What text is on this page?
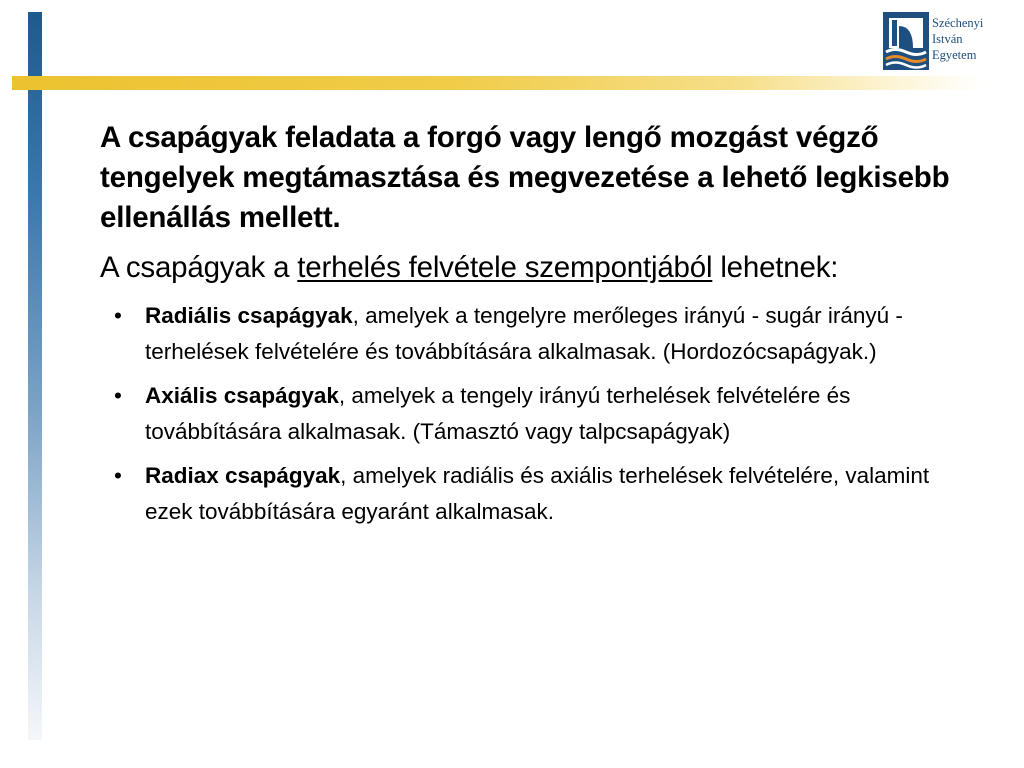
Széchenyi
István
Egyetem

A csapágyak feladata a forgó vagy lengő mozgást végző tengelyek megtámasztása és megvezetése a lehető legkisebb ellenállás mellett.

A csapágyak a terhelés felvétele szempontjából lehetnek:

• Radiális csapágyak, amelyek a tengelyre merőleges irányú - sugár irányú - terhelések felvételére és továbbítására alkalmasak. (Hordozócsapágyak.)
• Axiális csapágyak, amelyek a tengely irányú terhelések felvételére és továbbítására alkalmasak. (Támasztó vagy talpcsapágyak)
• Radiax csapágyak, amelyek radiális és axiális terhelések felvételére, valamint ezek továbbítására egyaránt alkalmasak.
